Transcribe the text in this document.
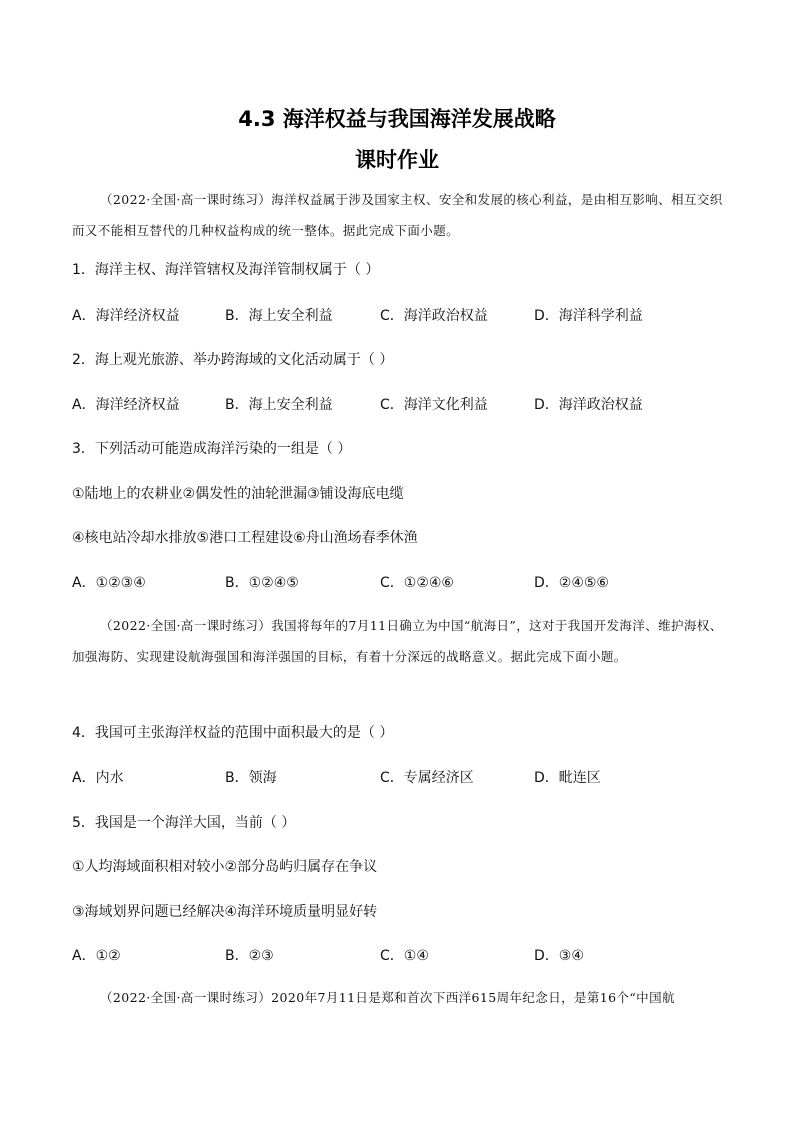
4.3 海洋权益与我国海洋发展战略
课时作业
（2022·全国·高一课时练习）海洋权益属于涉及国家主权、安全和发展的核心利益，是由相互影响、相互交织而又不能相互替代的几种权益构成的统一整体。据此完成下面小题。
1．海洋主权、海洋管辖权及海洋管制权属于（ ）
A．海洋经济权益	B．海上安全利益	C．海洋政治权益	D．海洋科学利益
2．海上观光旅游、举办跨海域的文化活动属于（ ）
A．海洋经济权益	B．海上安全利益	C．海洋文化利益	D．海洋政治权益
3．下列活动可能造成海洋污染的一组是（ ）
①陆地上的农耕业②偶发性的油轮泄漏③铺设海底电缆
④核电站冷却水排放⑤港口工程建设⑥舟山渔场春季休渔
A．①②③④	B．①②④⑤	C．①②④⑥	D．②④⑤⑥
（2022·全国·高一课时练习）我国将每年的7月11日确立为中国“航海日”，这对于我国开发海洋、维护海权、加强海防、实现建设航海强国和海洋强国的目标，有着十分深远的战略意义。据此完成下面小题。
4．我国可主张海洋权益的范围中面积最大的是（ ）
A．内水	B．领海	C．专属经济区	D．毗连区
5．我国是一个海洋大国，当前（ ）
①人均海域面积相对较小②部分岛屿归属存在争议
③海域划界问题已经解决④海洋环境质量明显好转
A．①②	B．②③	C．①④	D．③④
（2022·全国·高一课时练习）2020年7月11日是郑和首次下西洋615周年纪念日，是第16个“中国航
